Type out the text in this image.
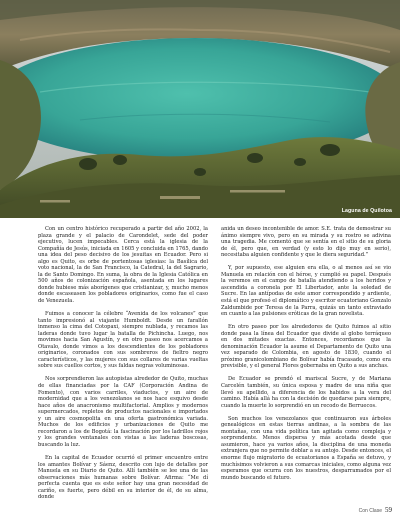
Laguna de Quilotoa

Con un centro histórico recuperado a partir del año 2002, la plaza grande y el palacio de Carondelet, sede del poder ejecutivo, lucen impecables. Cerca está la iglesia de la Compañía de Jesús, iniciada en 1605 y concluida en 1765, dando una idea del peso decisivo de los jesuitas en Ecuador. Pero si algo es Quito, es orbe de portentosas iglesias: la Basílica del voto nacional, la de San Francisco, la Catedral, la del Sagrario, la de Santo Domingo. En suma, la obra de la Iglesia Católica en 500 años de colonización española, asentada en los lugares donde hubiese más aborígenes que cristianizar, y, mucho menos donde escaseasen los pobladores originarios, como fue el caso de Venezuela.

Fuimos a conocer la célebre “Avenida de los volcanes” que tanto impresionó al viajante Humboldt. Desde un farallón inmenso la cima del Cotopaxi, siempre nublada, y recamos las laderas donde tuvo lugar la batalla de Pichincha. Luego, nos movimos hacia San Agustín, y en otro paseo nos acercamos a Otavalo, donde vimos a los descendientes de los pobladores originarios, coronados con sus sombreros de fieltro negro característicos, y las mujeres con sus collares de varias vueltas sobre sus cuellos cortos, y sus faldas negras voluminosas.

Nos sorprendieron las autopistas alrededor de Quito, muchas de ellas financiadas por la CAF (Corporación Andina de Fomento), con varios carriles, viaductos, y un aire de modernidad que a los venezolanos se nos hace esquivo desde hace años de anacronismo multifactorial. Amplios y modernos supermercados, repletos de productos nacionales e importados y un aire cosmopolita en una oferta gastronómica variada. Muchos de los edificios y urbanizaciones de Quito me recordaron a los de Bogotá: la fascinación por los ladrillos rojos y los grandes ventanales con vistas a las laderas boscosas, buscando la luz.

En la capital de Ecuador ocurrió el primer encuentro entre los amantes Bolívar y Sáenz, descrito con lujo de detalles por Manuela en su Diario de Quito. Allí también se lee una de las observaciones más humanas sobre Bolívar. Afirma: “Me dí perfecta cuenta que es este señor hay una gran necesidad de cariño, es fuerte, pero débil en su interior de él, de su alma, donde

anida un deseo incontenible de amor. S.E. trata de demostrar su ánimo siempre vivo, pero en su mirada y su rostro se adivina una tragedia. Me comentó que se sentía en el sitio de su gloria de él, pero que, en verdad (y esto lo dijo muy en serio), necesitaba alguien confidente y que le diera seguridad.”

Y, por supuesto, ese alguien era ella, o al menos así se vio Manuela en relación con el héroe, y cumplió su papel. Después la veremos en el campo de batalla atendiendo a los heridos y ascendida a coronela por El Libertador, ante la soledad de Sucre. En las antípodas de este amor correspondido y ardiente, está el que profesó el diplomático y escritor ecuatoriano Gonzalo Zaldumbide por Teresa de la Parra, quizás un tanto extraviado en cuanto a las pulsiones eróticas de la gran novelista.

En otro paseo por los alrededores de Quito fuimos al sitio donde pasa la línea del Ecuador que divide al globo terráqueo en dos mitades exactas. Entonces, recordamos que la denominación Ecuador la asume el Departamento de Quito una vez separado de Colombia, en agosto de 1830, cuando el próximo granicolombiano de Bolívar había fracasado, como era previsible, y el general Flores gobernaba en Quito a sus anchas.

De Ecuador se prendó el mariscal Sucre, y de Mariana Carcelén también, su única esposa y madre de una niña que llevó su apellido, a diferencia de los habidos a la vera del camino. Había allá ha con la decisión de quedarse para siempre, cuando la muerte lo sorprendió en un recodo de Berruecos.

Son muchos los venezolanos que continuaron sus árboles genealógicos en estas tierras andinas, a la sombra de las montañas, con una vida política tan agitada como compleja y sorprendente. Menos dispersa y más acotada desde que asumieron, hace ya varios años, la disciplina de una moneda extranjera que no permite doblar a su antojo. Desde entonces, el enorme flujo migratorio de ecuatorianos a España se detuvo, y muchísimos volvieron a sus comarcas iniciales, como alguna vez esperamos que ocurra con los nuestros, desparramados por el mundo buscando el futuro.

Con Clase 59
